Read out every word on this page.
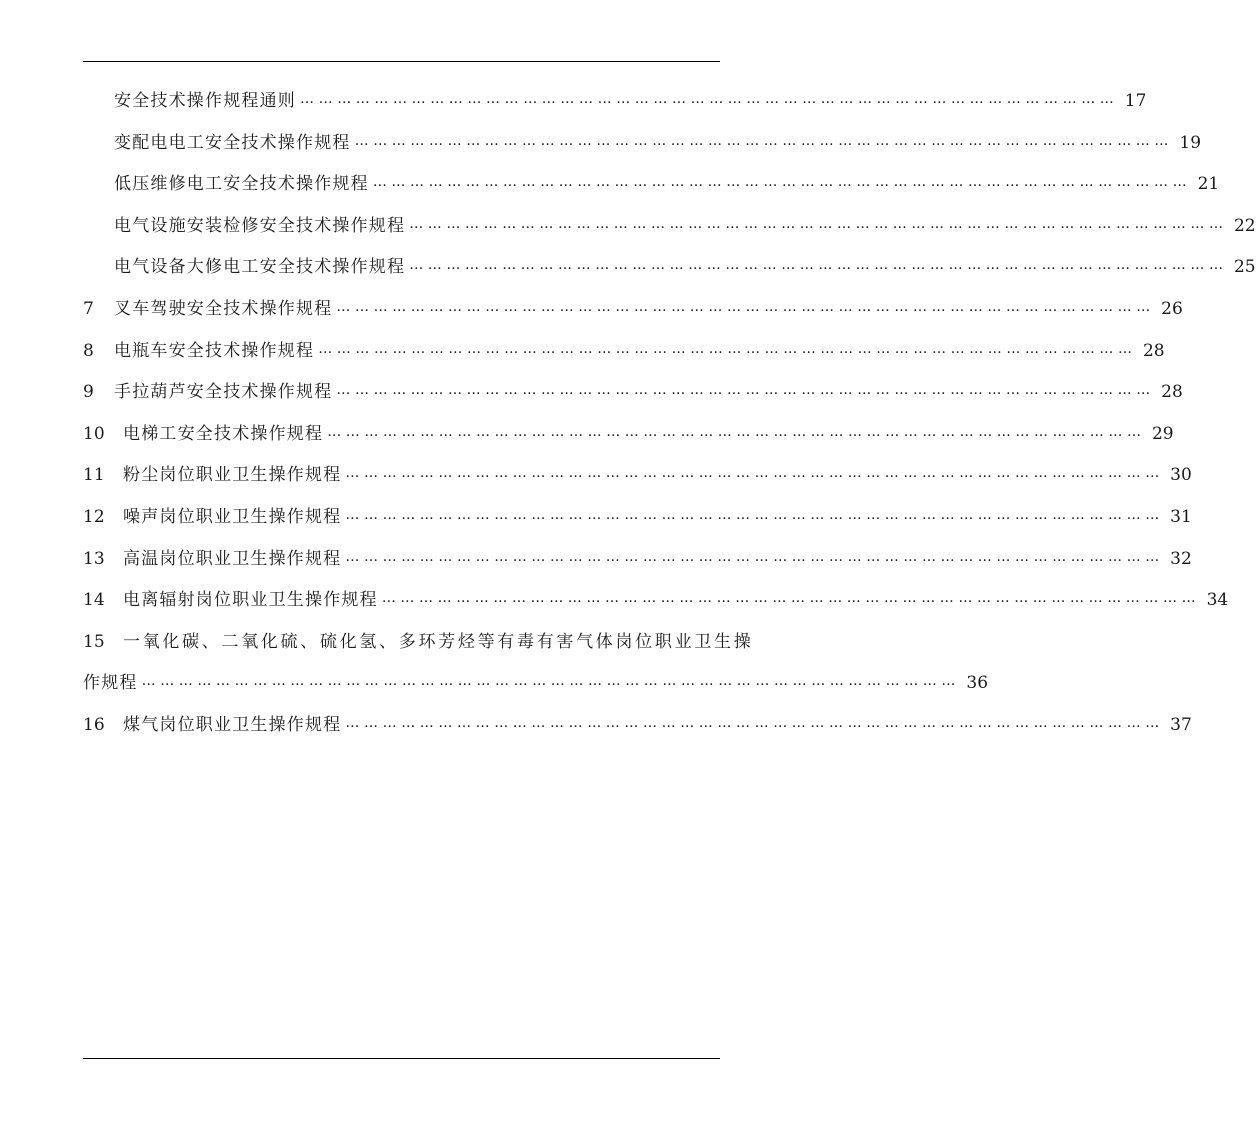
安全技术操作规程通则 …………………………………………………………………………………………………………………… 17
变配电电工安全技术操作规程 …………………………………………………………………………………………………………………… 19
低压维修电工安全技术操作规程 …………………………………………………………………………………………………………………… 21
电气设施安装检修安全技术操作规程 …………………………………………………………………………………………………………………… 22
电气设备大修电工安全技术操作规程 …………………………………………………………………………………………………………………… 25
7	叉车驾驶安全技术操作规程 …………………………………………………………………………………………………………………… 26
8	电瓶车安全技术操作规程 …………………………………………………………………………………………………………………… 28
9	手拉葫芦安全技术操作规程 …………………………………………………………………………………………………………………… 28
10	电梯工安全技术操作规程 …………………………………………………………………………………………………………………… 29
11	粉尘岗位职业卫生操作规程 …………………………………………………………………………………………………………………… 30
12	噪声岗位职业卫生操作规程 …………………………………………………………………………………………………………………… 31
13	高温岗位职业卫生操作规程 …………………………………………………………………………………………………………………… 32
14	电离辐射岗位职业卫生操作规程 …………………………………………………………………………………………………………………… 34
15	一氧化碳、二氧化硫、硫化氢、多环芳烃等有毒有害气体岗位职业卫生操
作规程 …………………………………………………………………………………………………………………… 36
16	煤气岗位职业卫生操作规程 …………………………………………………………………………………………………………………… 37
